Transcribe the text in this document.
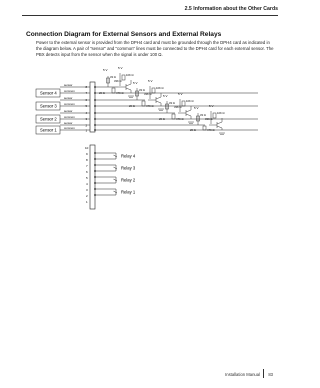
2.5 Information about the Other Cards
Connection Diagram for External Sensors and External Relays

Power to the external sensor is provided from the DPH4 card and must be grounded through the DPH4 card as indicated in the diagram below. A pair of "sensor" and "common" lines must be connected to the DPH4 card for each external sensor. The PBX detects input from the sensor when the signal is under 100 Ω.

Sensor 4
sensor
common
8
7
Sensor 3
sensor
common
6
5
Sensor 2
sensor
common
4
3
Sensor 1
sensor
common
2
1
5 V	5 V
33 Ω
10K Ω
33K Ω
20 Ω	47K Ω
5 V	5 V
33 Ω
10K Ω
33K Ω
20 Ω	47K Ω
5 V	5 V
33 Ω
10K Ω
33K Ω
20 Ω	47K Ω
5 V	5 V
33 Ω
10K Ω
33K Ω
20 Ω	47K Ω
10
9
8
7
6
5
4
3
2
1
Relay 4
Relay 3
Relay 2
Relay 1
Installation Manual 83
